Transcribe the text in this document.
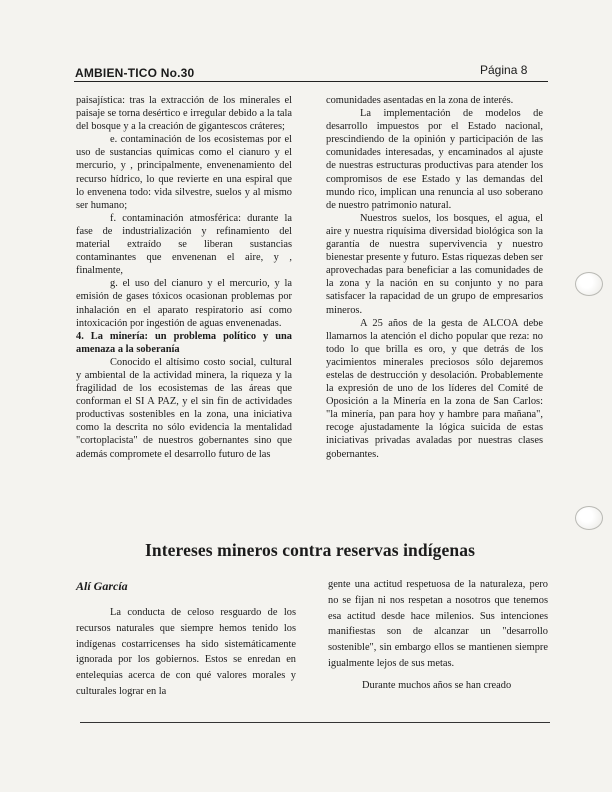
AMBIEN-TICO No.30	Página 8

paisajística: tras la extracción de los minerales el paisaje se torna desértico e irregular debido a la tala del bosque y a la creación de gigantescos cráteres;

e. contaminación de los ecosistemas por el uso de sustancias químicas como el cianuro y el mercurio, y , principalmente, envenenamiento del recurso hídrico, lo que revierte en una espiral que lo envenena todo: vida silvestre, suelos y al mismo ser humano;

f. contaminación atmosférica: durante la fase de industrialización y refinamiento del material extraído se liberan sustancias contaminantes que envenenan el aire, y , finalmente,

g. el uso del cianuro y el mercurio, y la emisión de gases tóxicos ocasionan problemas por inhalación en el aparato respiratorio así como intoxicación por ingestión de aguas envenenadas.

4. La minería: un problema político y una amenaza a la soberanía

Conocido el altísimo costo social, cultural y ambiental de la actividad minera, la riqueza y la fragilidad de los ecosistemas de las áreas que conforman el SI A PAZ, y el sin fin de actividades productivas sostenibles en la zona, una iniciativa como la descrita no sólo evidencia la mentalidad "cortoplacista" de nuestros gobernantes sino que además compromete el desarrollo futuro de las

comunidades asentadas en la zona de interés.

La implementación de modelos de desarrollo impuestos por el Estado nacional, prescindiendo de la opinión y participación de las comunidades interesadas, y encaminados al ajuste de nuestras estructuras productivas para atender los compromisos de ese Estado y las demandas del mundo rico, implican una renuncia al uso soberano de nuestro patrimonio natural.

Nuestros suelos, los bosques, el agua, el aire y nuestra riquísima diversidad biológica son la garantía de nuestra supervivencia y nuestro bienestar presente y futuro. Estas riquezas deben ser aprovechadas para beneficiar a las comunidades de la zona y la nación en su conjunto y no para satisfacer la rapacidad de un grupo de empresarios mineros.

A 25 años de la gesta de ALCOA debe llamarnos la atención el dicho popular que reza: no todo lo que brilla es oro, y que detrás de los yacimientos minerales preciosos sólo dejaremos estelas de destrucción y desolación. Probablemente la expresión de uno de los líderes del Comité de Oposición a la Minería en la zona de San Carlos: "la minería, pan para hoy y hambre para mañana", recoge ajustadamente la lógica suicida de estas iniciativas privadas avaladas por nuestras clases gobernantes.

Intereses mineros contra reservas indígenas
Alí García

La conducta de celoso resguardo de los recursos naturales que siempre hemos tenido los indígenas costarricenses ha sido sistemáticamente ignorada por los gobiernos. Estos se enredan en entelequias acerca de con qué valores morales y culturales lograr en la

gente una actitud respetuosa de la naturaleza, pero no se fijan ni nos respetan a nosotros que tenemos esa actitud desde hace milenios. Sus intenciones manifiestas son de alcanzar un "desarrollo sostenible", sin embargo ellos se mantienen siempre igualmente lejos de sus metas.

Durante muchos años se han creado
